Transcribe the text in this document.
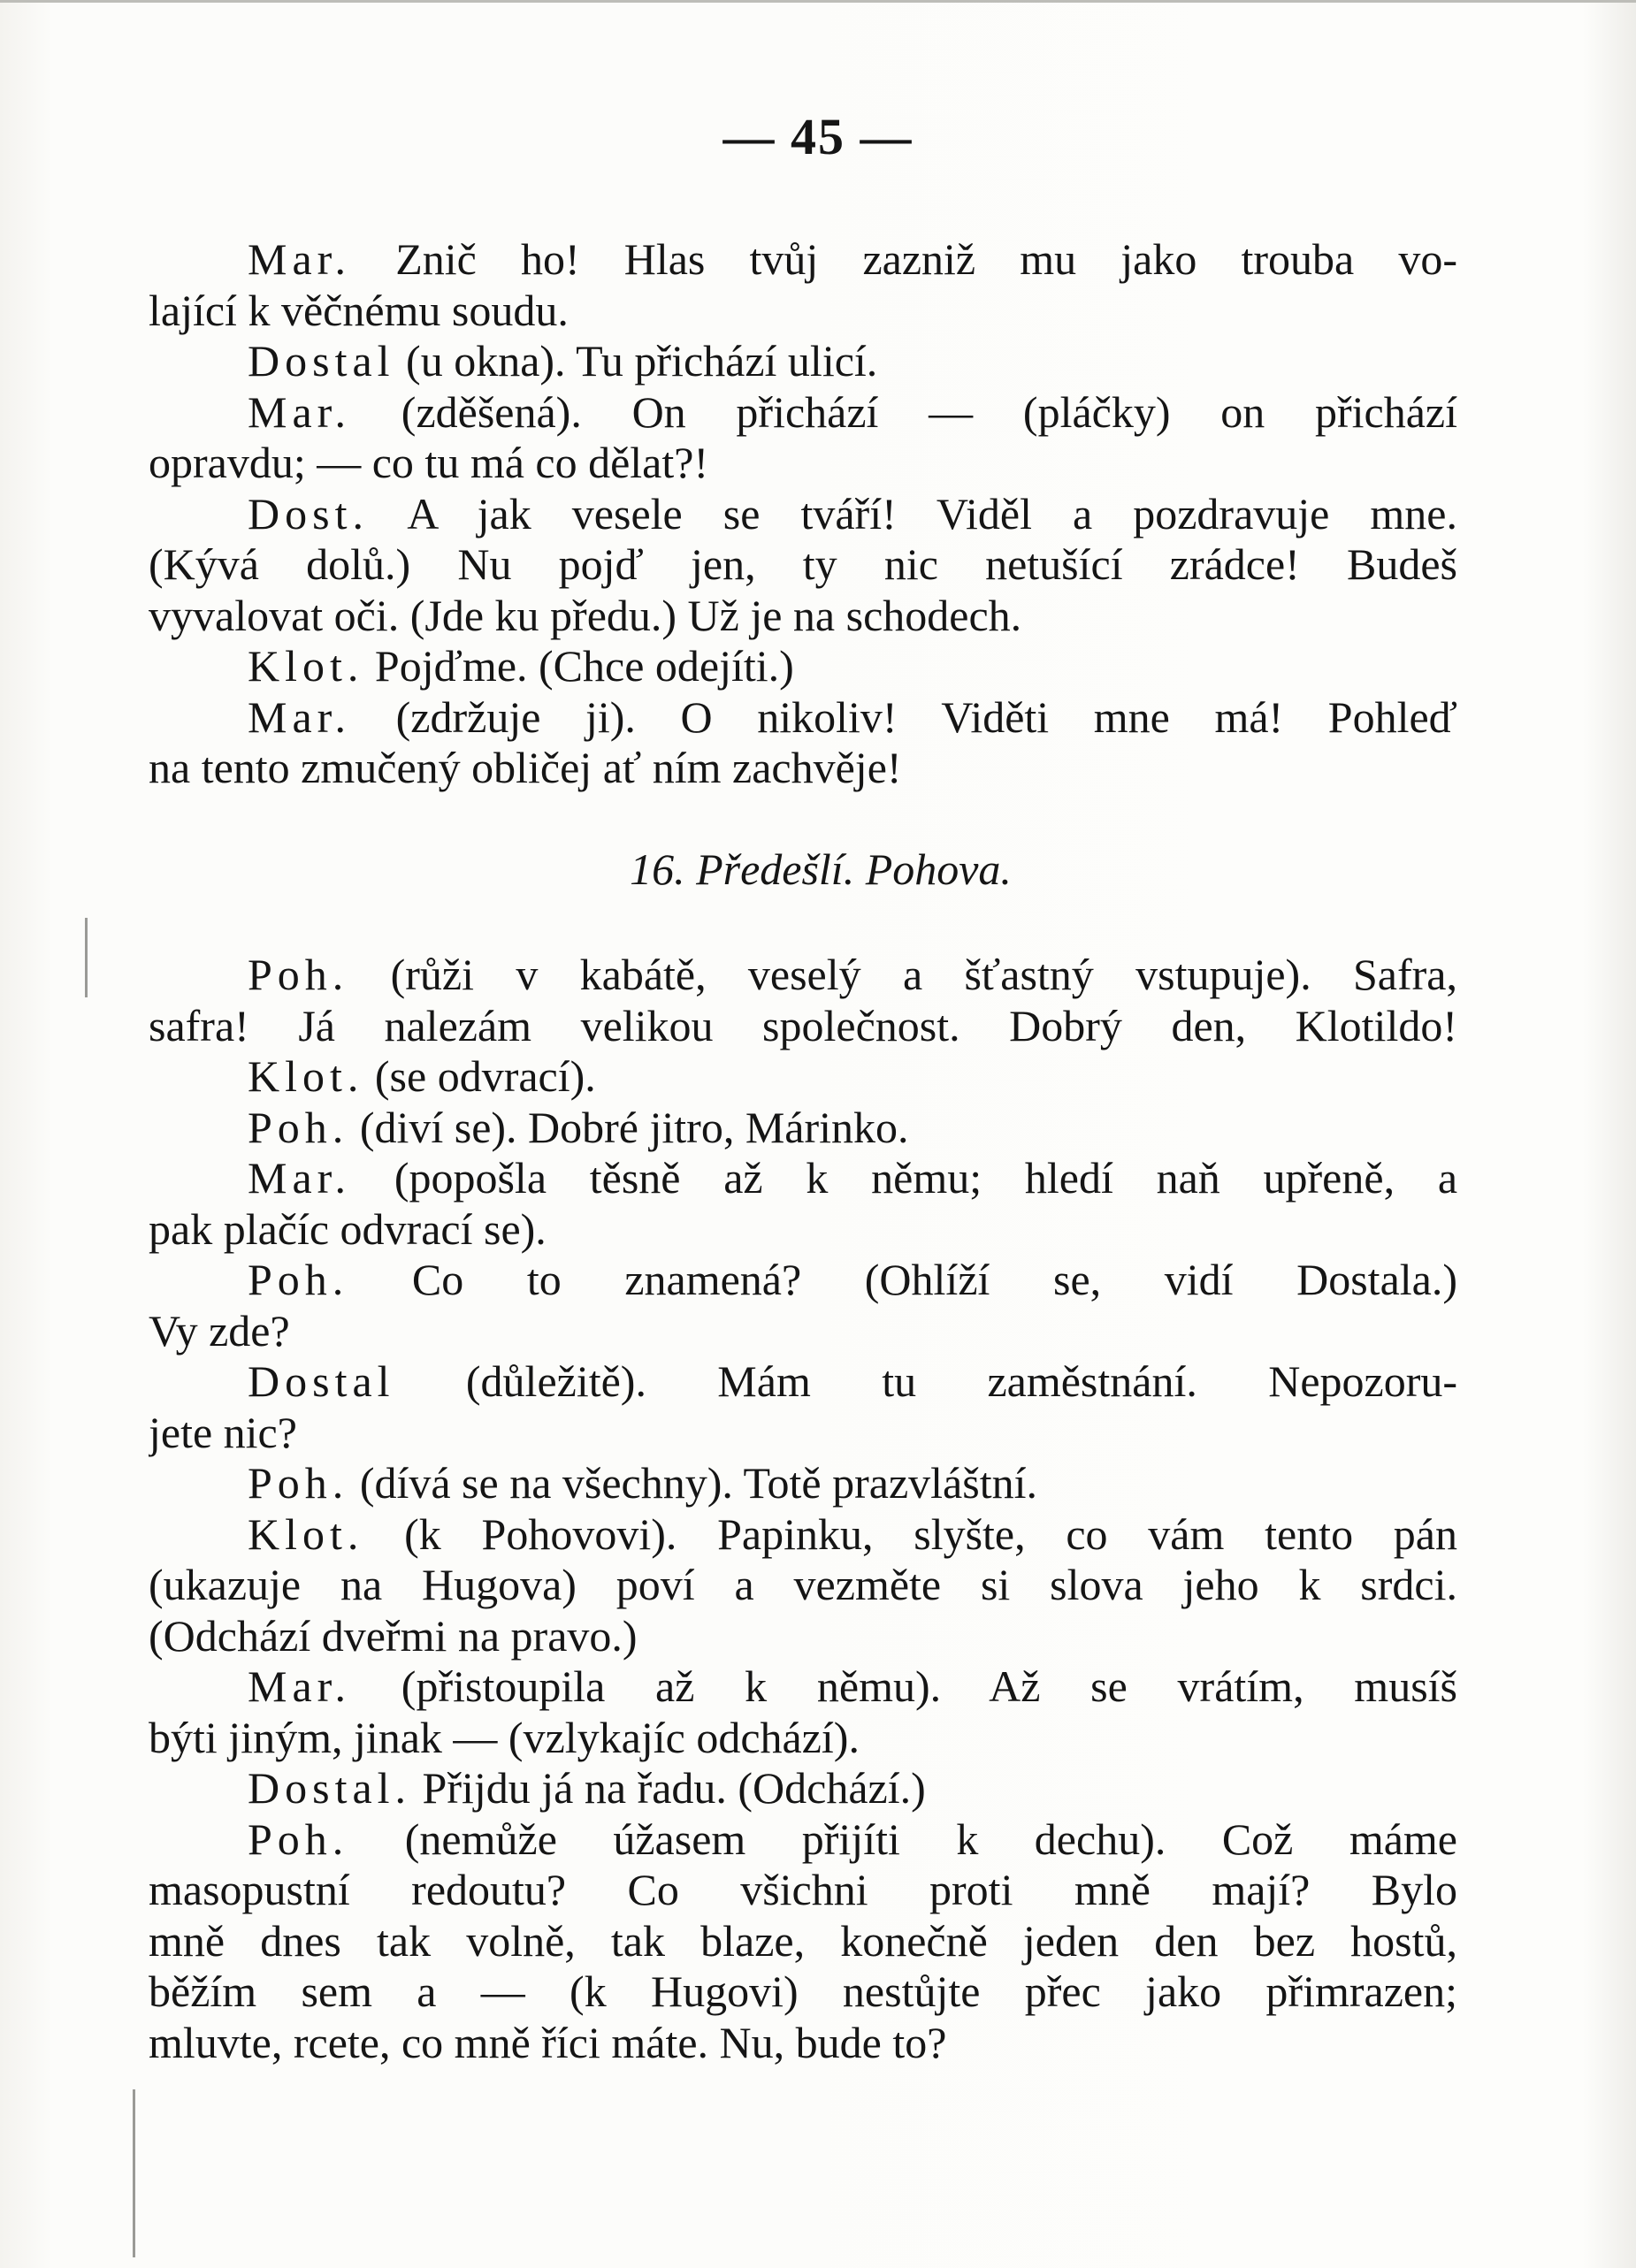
— 45 —
Mar. Znič ho! Hlas tvůj zazniž mu jako trouba vo-
lající k věčnému soudu.
Dostal (u okna). Tu přichází ulicí.
Mar. (zděšená). On přichází — (pláčky) on přichází
opravdu; — co tu má co dělat?!
Dost. A jak vesele se tváří! Viděl a pozdravuje mne.
(Kývá dolů.) Nu pojď jen, ty nic netušící zrádce! Budeš
vyvalovat oči. (Jde ku předu.) Už je na schodech.
Klot. Pojďme. (Chce odejíti.)
Mar. (zdržuje ji). O nikoliv! Viděti mne má! Pohleď
na tento zmučený obličej ať ním zachvěje!
16. Předešlí. Pohova.
Poh. (růži v kabátě, veselý a šťastný vstupuje). Safra,
safra! Já nalezám velikou společnost. Dobrý den, Klotildo!
Klot. (se odvrací).
Poh. (diví se). Dobré jitro, Márinko.
Mar. (popošla těsně až k němu; hledí naň upřeně, a
pak plačíc odvrací se).
Poh. Co to znamená? (Ohlíží se, vidí Dostala.)
Vy zde?
Dostal (důležitě). Mám tu zaměstnání. Nepozoru-
jete nic?
Poh. (dívá se na všechny). Totě prazvláštní.
Klot. (k Pohovovi). Papinku, slyšte, co vám tento pán
(ukazuje na Hugova) poví a vezměte si slova jeho k srdci.
(Odchází dveřmi na pravo.)
Mar. (přistoupila až k němu). Až se vrátím, musíš
býti jiným, jinak — (vzlykajíc odchází).
Dostal. Přijdu já na řadu. (Odchází.)
Poh. (nemůže úžasem přijíti k dechu). Což máme
masopustní redoutu? Co všichni proti mně mají? Bylo
mně dnes tak volně, tak blaze, konečně jeden den bez hostů,
běžím sem a — (k Hugovi) nestůjte přec jako přimrazen;
mluvte, rcete, co mně říci máte. Nu, bude to?
